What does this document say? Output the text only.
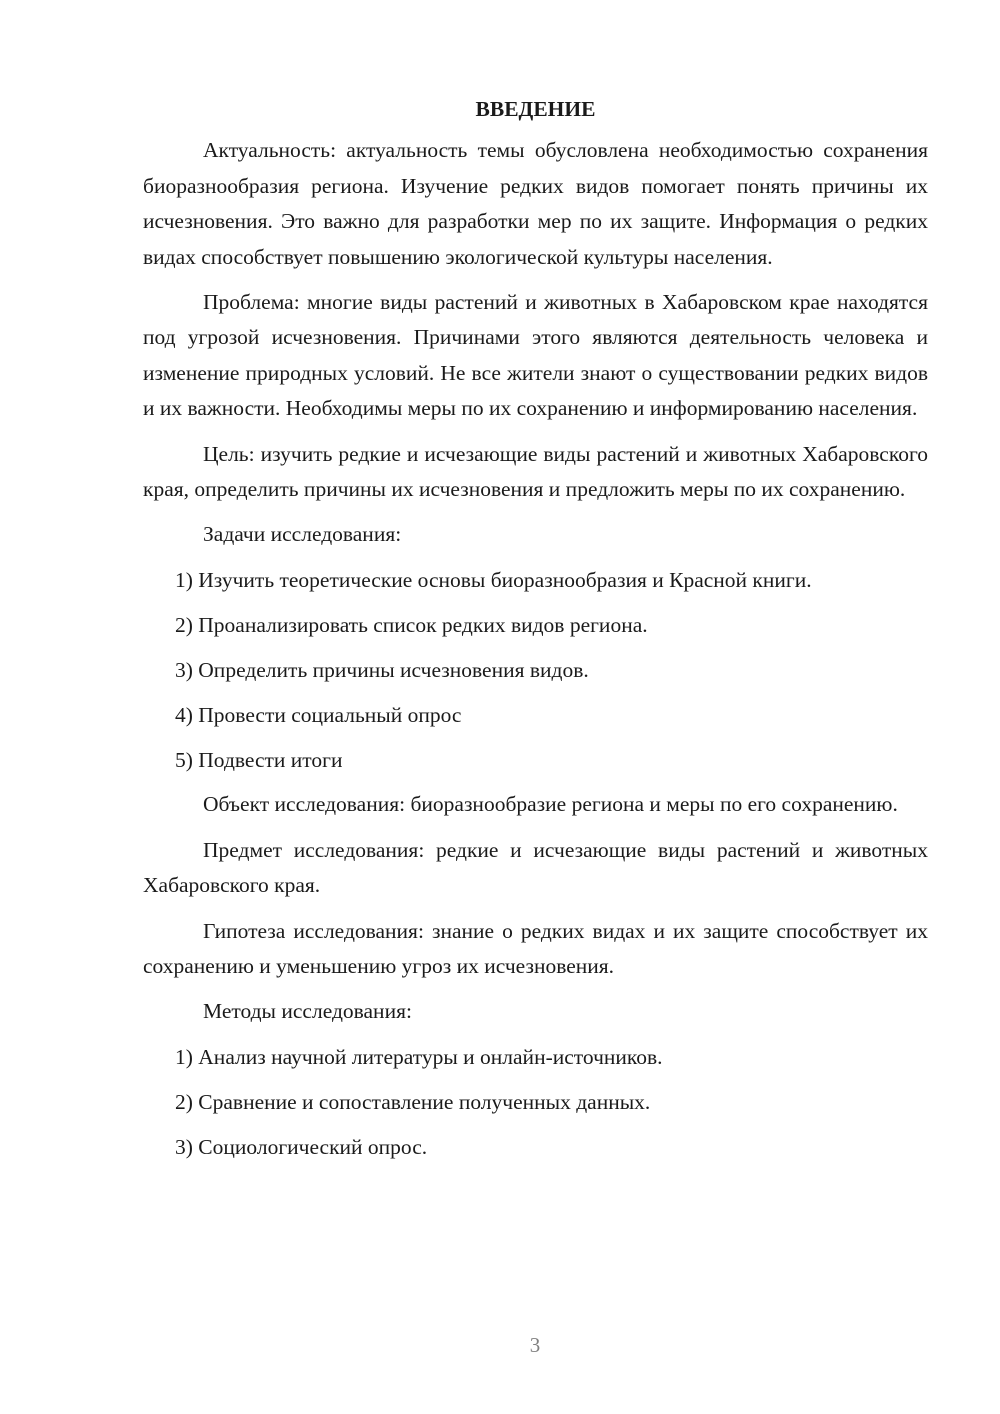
ВВЕДЕНИЕ

Актуальность: актуальность темы обусловлена необходимостью сохранения биоразнообразия региона. Изучение редких видов помогает понять причины их исчезновения. Это важно для разработки мер по их защите. Информация о редких видах способствует повышению экологической культуры населения.

Проблема: многие виды растений и животных в Хабаровском крае находятся под угрозой исчезновения. Причинами этого являются деятельность человека и изменение природных условий. Не все жители знают о существовании редких видов и их важности. Необходимы меры по их сохранению и информированию населения.

Цель: изучить редкие и исчезающие виды растений и животных Хабаровского края, определить причины их исчезновения и предложить меры по их сохранению.

Задачи исследования:

1) Изучить теоретические основы биоразнообразия и Красной книги.

2) Проанализировать список редких видов региона.

3) Определить причины исчезновения видов.

4) Провести социальный опрос

5) Подвести итоги

Объект исследования: биоразнообразие региона и меры по его сохранению.

Предмет исследования: редкие и исчезающие виды растений и животных Хабаровского края.

Гипотеза исследования: знание о редких видах и их защите способствует их сохранению и уменьшению угроз их исчезновения.

Методы исследования:

1) Анализ научной литературы и онлайн-источников.

2) Сравнение и сопоставление полученных данных.

3) Социологический опрос.

3
